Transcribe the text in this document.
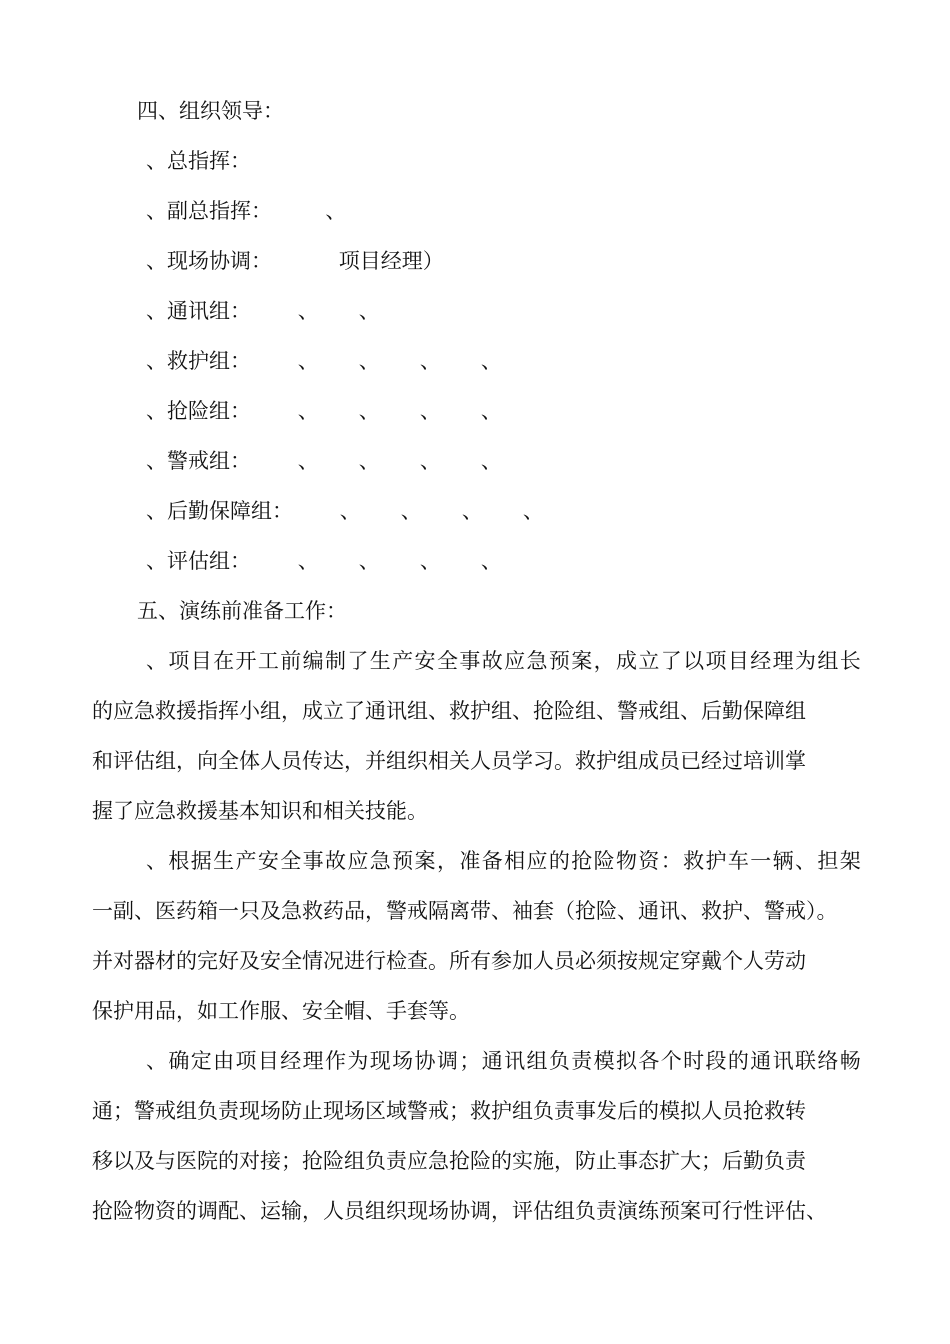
四、组织领导：
、总指挥：
、副总指挥：        、
、现场协调：          项目经理）
、通讯组：       、      、
、救护组：       、      、      、      、
、抢险组：       、      、      、      、
、警戒组：       、      、      、      、
、后勤保障组：       、      、      、      、
、评估组：       、      、      、      、
五、演练前准备工作：
、项目在开工前编制了生产安全事故应急预案，成立了以项目经理为组长
的应急救援指挥小组，成立了通讯组、救护组、抢险组、警戒组、后勤保障组
和评估组，向全体人员传达，并组织相关人员学习。救护组成员已经过培训掌
握了应急救援基本知识和相关技能。
、根据生产安全事故应急预案，准备相应的抢险物资：救护车一辆、担架
一副、医药箱一只及急救药品，警戒隔离带、袖套（抢险、通讯、救护、警戒）。
并对器材的完好及安全情况进行检查。所有参加人员必须按规定穿戴个人劳动
保护用品，如工作服、安全帽、手套等。
、确定由项目经理作为现场协调；通讯组负责模拟各个时段的通讯联络畅
通；警戒组负责现场防止现场区域警戒；救护组负责事发后的模拟人员抢救转
移以及与医院的对接；抢险组负责应急抢险的实施，防止事态扩大；后勤负责
抢险物资的调配、运输，人员组织现场协调，评估组负责演练预案可行性评估、
